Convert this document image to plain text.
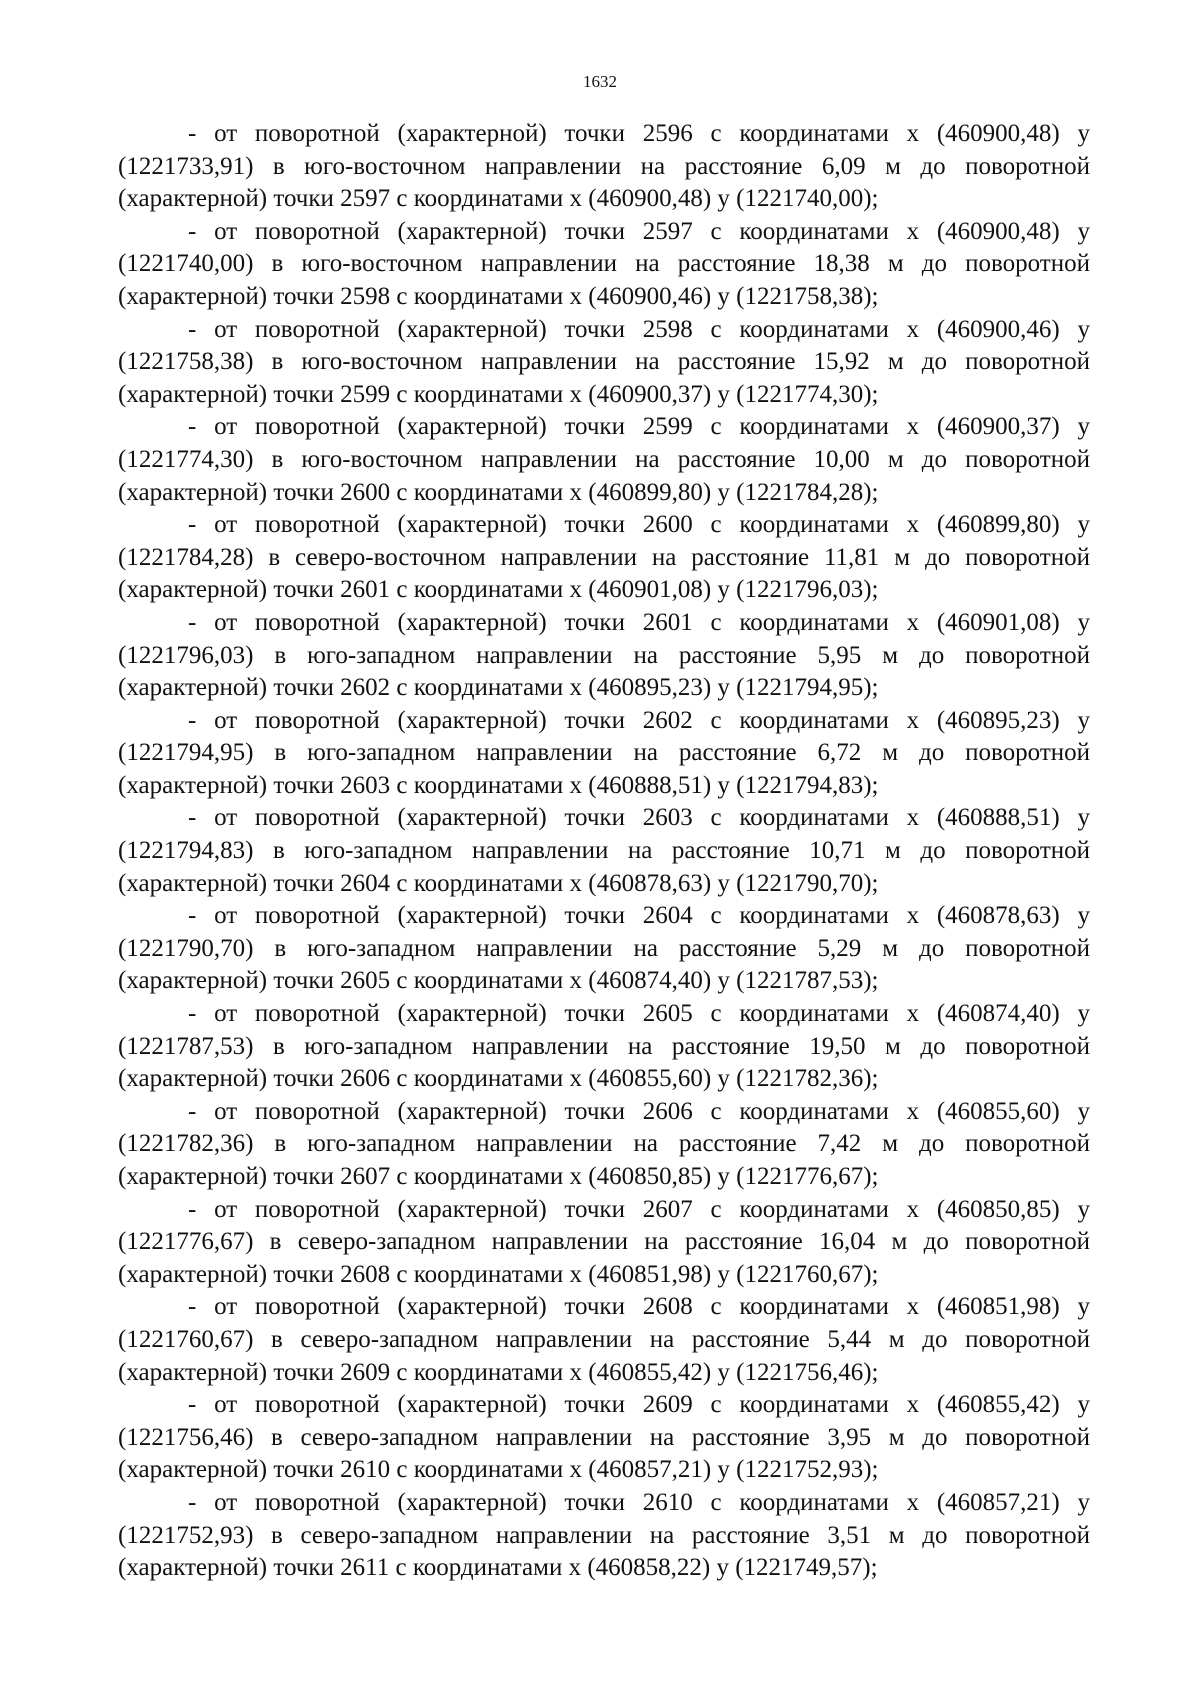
1632

- от поворотной (характерной) точки 2596 с координатами х (460900,48) у (1221733,91) в юго-восточном направлении на расстояние 6,09 м до поворотной (характерной) точки 2597 с координатами х (460900,48) у (1221740,00);

- от поворотной (характерной) точки 2597 с координатами х (460900,48) у (1221740,00) в юго-восточном направлении на расстояние 18,38 м до поворотной (характерной) точки 2598 с координатами х (460900,46) у (1221758,38);

- от поворотной (характерной) точки 2598 с координатами х (460900,46) у (1221758,38) в юго-восточном направлении на расстояние 15,92 м до поворотной (характерной) точки 2599 с координатами х (460900,37) у (1221774,30);

- от поворотной (характерной) точки 2599 с координатами х (460900,37) у (1221774,30) в юго-восточном направлении на расстояние 10,00 м до поворотной (характерной) точки 2600 с координатами х (460899,80) у (1221784,28);

- от поворотной (характерной) точки 2600 с координатами х (460899,80) у (1221784,28) в северо-восточном направлении на расстояние 11,81 м до поворотной (характерной) точки 2601 с координатами х (460901,08) у (1221796,03);

- от поворотной (характерной) точки 2601 с координатами х (460901,08) у (1221796,03) в юго-западном направлении на расстояние 5,95 м до поворотной (характерной) точки 2602 с координатами х (460895,23) у (1221794,95);

- от поворотной (характерной) точки 2602 с координатами х (460895,23) у (1221794,95) в юго-западном направлении на расстояние 6,72 м до поворотной (характерной) точки 2603 с координатами х (460888,51) у (1221794,83);

- от поворотной (характерной) точки 2603 с координатами х (460888,51) у (1221794,83) в юго-западном направлении на расстояние 10,71 м до поворотной (характерной) точки 2604 с координатами х (460878,63) у (1221790,70);

- от поворотной (характерной) точки 2604 с координатами х (460878,63) у (1221790,70) в юго-западном направлении на расстояние 5,29 м до поворотной (характерной) точки 2605 с координатами х (460874,40) у (1221787,53);

- от поворотной (характерной) точки 2605 с координатами х (460874,40) у (1221787,53) в юго-западном направлении на расстояние 19,50 м до поворотной (характерной) точки 2606 с координатами х (460855,60) у (1221782,36);

- от поворотной (характерной) точки 2606 с координатами х (460855,60) у (1221782,36) в юго-западном направлении на расстояние 7,42 м до поворотной (характерной) точки 2607 с координатами х (460850,85) у (1221776,67);

- от поворотной (характерной) точки 2607 с координатами х (460850,85) у (1221776,67) в северо-западном направлении на расстояние 16,04 м до поворотной (характерной) точки 2608 с координатами х (460851,98) у (1221760,67);

- от поворотной (характерной) точки 2608 с координатами х (460851,98) у (1221760,67) в северо-западном направлении на расстояние 5,44 м до поворотной (характерной) точки 2609 с координатами х (460855,42) у (1221756,46);

- от поворотной (характерной) точки 2609 с координатами х (460855,42) у (1221756,46) в северо-западном направлении на расстояние 3,95 м до поворотной (характерной) точки 2610 с координатами х (460857,21) у (1221752,93);

- от поворотной (характерной) точки 2610 с координатами х (460857,21) у (1221752,93) в северо-западном направлении на расстояние 3,51 м до поворотной (характерной) точки 2611 с координатами х (460858,22) у (1221749,57);
